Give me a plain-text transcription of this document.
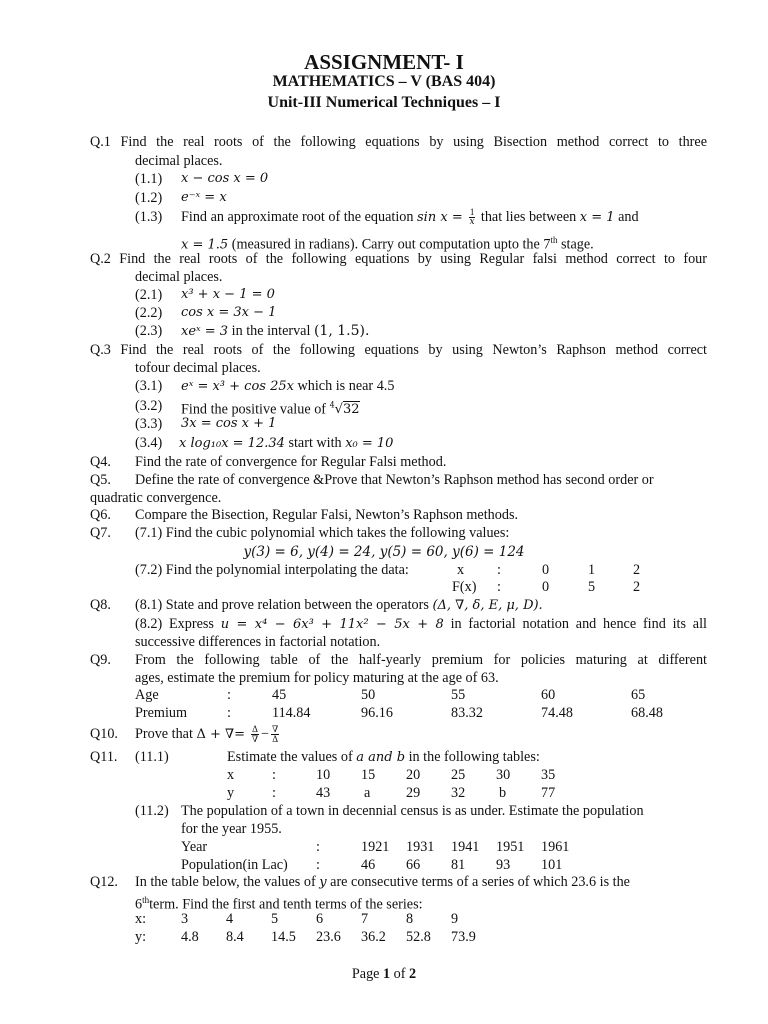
ASSIGNMENT- I
MATHEMATICS – V (BAS 404)
Unit-III Numerical Techniques – I
Q.1 Find the real roots of the following equations by using Bisection method correct to three
decimal places.
(1.1) x − cos x = 0
(1.2) e⁻ˣ = x
(1.3) Find an approximate root of the equation $\sin x = \frac{1}{x}$ that lies between x = 1 and
x = 1.5 (measured in radians). Carry out computation upto the 7th stage.
Q.2 Find the real roots of the following equations by using Regular falsi method correct to four
decimal places.
(2.1) x³ + x − 1 = 0
(2.2) cos x = 3x − 1
(2.3) xeˣ = 3 in the interval (1, 1.5).
Q.3 Find the real roots of the following equations by using Newton’s Raphson method correct
tofour decimal places.
(3.1) eˣ = x³ + cos 25x which is near 4.5
(3.2) Find the positive value of $^4$√32
(3.3) 3x = cos x + 1
(3.4) x log₁₀x = 12.34 start with x₀ = 10
Q4. Find the rate of convergence for Regular Falsi method.
Q5. Define the rate of convergence &Prove that Newton’s Raphson method has second order or
quadratic convergence.
Q6. Compare the Bisection, Regular Falsi, Newton’s Raphson methods.
Q7. (7.1) Find the cubic polynomial which takes the following values:
y(3) = 6, y(4) = 24, y(5) = 60, y(6) = 124
(7.2) Find the polynomial interpolating the data:	x :	0	1	2
F(x) :	0	5	2
Q8. (8.1) State and prove relation between the operators (Δ, ∇, δ, E, μ, D).
(8.2) Express u = x⁴ − 6x³ + 11x² − 5x + 8 in factorial notation and hence find its all
successive differences in factorial notation.
Q9. From the following table of the half-yearly premium for policies maturing at different
ages, estimate the premium for policy maturing at the age of 63.
Age	:	45	50	55	60	65
Premium	:	114.84	96.16	83.32	74.48	68.48
Q10. Prove that Δ + ∇= $\frac{\Delta}{\nabla} - \frac{\nabla}{\Delta}$
Q11. (11.1)	Estimate the values of a and b in the following tables:
x	:	10 15 20 25 30 35
y	:	43 a	29 32 b 77
(11.2) The population of a town in decennial census is as under. Estimate the population
for the year 1955.
Year	:	1921 1931 1941 1951 1961
Population(in Lac) :	46 66 81 93 101
Q12. In the table below, the values of y are consecutive terms of a series of which 23.6 is the
6thterm. Find the first and tenth terms of the series:
x: 3	4	5	6	7	8	9
y: 4.8 8.4 14.5 23.6 36.2 52.8 73.9
Page 1 of 2
